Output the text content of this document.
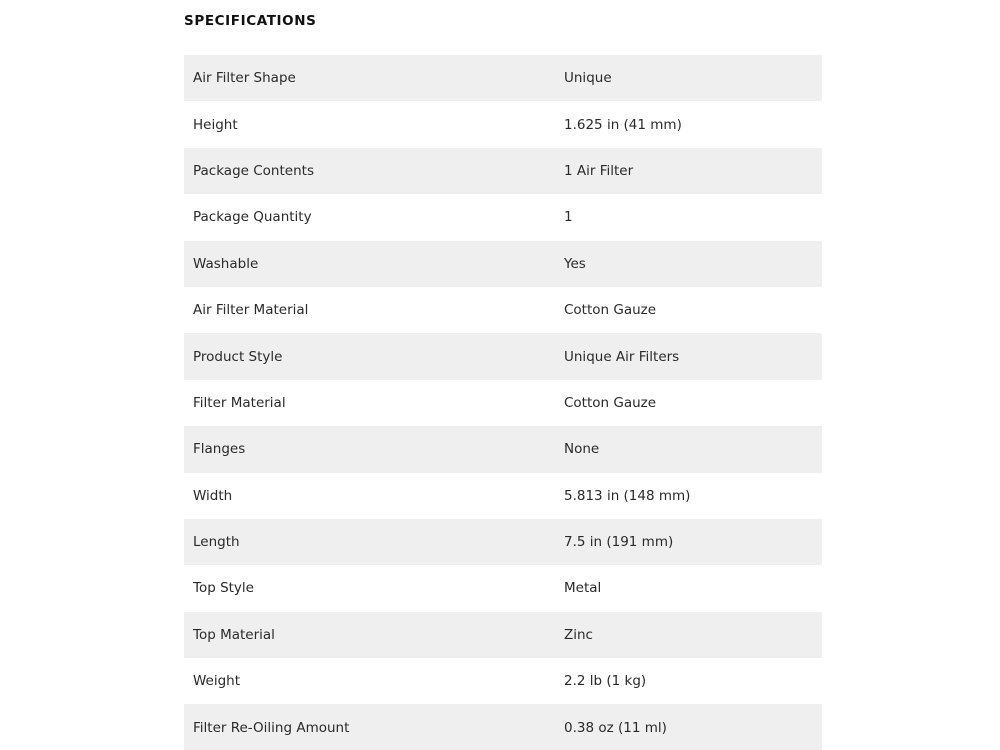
SPECIFICATIONS
Air Filter Shape	Unique
Height	1.625 in (41 mm)
Package Contents	1 Air Filter
Package Quantity	1
Washable	Yes
Air Filter Material	Cotton Gauze
Product Style	Unique Air Filters
Filter Material	Cotton Gauze
Flanges	None
Width	5.813 in (148 mm)
Length	7.5 in (191 mm)
Top Style	Metal
Top Material	Zinc
Weight	2.2 lb (1 kg)
Filter Re-Oiling Amount	0.38 oz (11 ml)
